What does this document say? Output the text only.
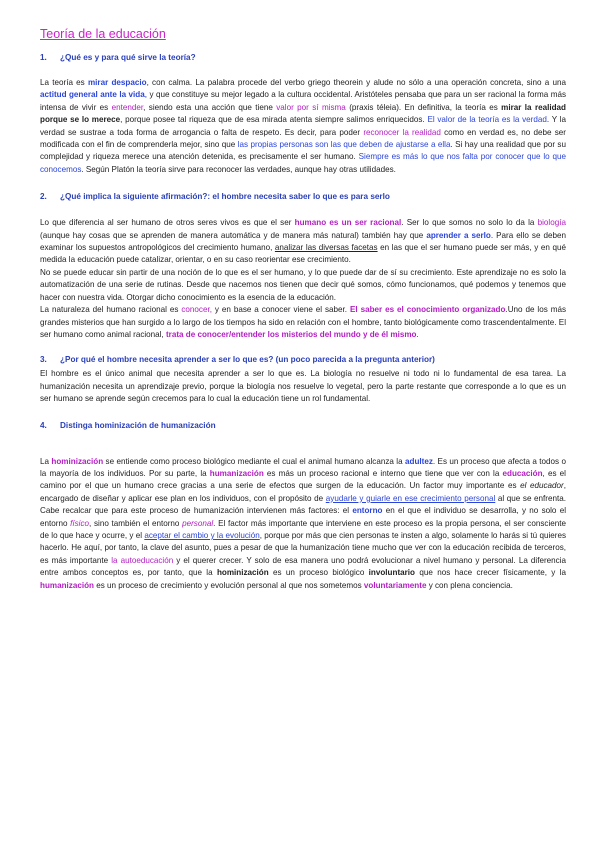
Teoría de la educación
1. ¿Qué es y para qué sirve la teoría?

La teoría es mirar despacio, con calma. La palabra procede del verbo griego theorein y alude no sólo a una operación concreta, sino a una actitud general ante la vida, y que constituye su mejor legado a la cultura occidental. Aristóteles pensaba que para un ser racional la forma más intensa de vivir es entender, siendo esta una acción que tiene valor por sí misma (praxis téleia). En definitiva, la teoría es mirar la realidad porque se lo merece, porque posee tal riqueza que de esa mirada atenta siempre salimos enriquecidos. El valor de la teoría es la verdad. Y la verdad se sustrae a toda forma de arrogancia o falta de respeto. Es decir, para poder reconocer la realidad como en verdad es, no debe ser modificada con el fin de comprenderla mejor, sino que las propias personas son las que deben de ajustarse a ella. Si hay una realidad que por su complejidad y riqueza merece una atención detenida, es precisamente el ser humano. Siempre es más lo que nos falta por conocer que lo que conocemos. Según Platón la teoría sirve para reconocer las verdades, aunque hay otras utilidades.

2. ¿Qué implica la siguiente afirmación?: el hombre necesita saber lo que es para serlo

Lo que diferencia al ser humano de otros seres vivos es que el ser humano es un ser racional. Ser lo que somos no solo lo da la biología (aunque hay cosas que se aprenden de manera automática y de manera más natural) también hay que aprender a serlo. Para ello se deben examinar los supuestos antropológicos del crecimiento humano, analizar las diversas facetas en las que el ser humano puede ser más, y en qué medida la educación puede catalizar, orientar, o en su caso reorientar ese crecimiento.

No se puede educar sin partir de una noción de lo que es el ser humano, y lo que puede dar de sí su crecimiento. Este aprendizaje no es solo la automatización de una serie de rutinas. Desde que nacemos nos tienen que decir qué somos, cómo funcionamos, qué podemos y tenemos que hacer con nuestra vida. Otorgar dicho conocimiento es la esencia de la educación.

La naturaleza del humano racional es conocer, y en base a conocer viene el saber. El saber es el conocimiento organizado.Uno de los más grandes misterios que han surgido a lo largo de los tiempos ha sido en relación con el hombre, tanto biológicamente como trascendentalmente. El ser humano como animal racional, trata de conocer/entender los misterios del mundo y de él mismo.

3. ¿Por qué el hombre necesita aprender a ser lo que es? (un poco parecida a la pregunta anterior)

El hombre es el único animal que necesita aprender a ser lo que es. La biología no resuelve ni todo ni lo fundamental de esa tarea. La humanización necesita un aprendizaje previo, porque la biología nos resuelve lo vegetal, pero la parte restante que corresponde a lo que es un ser humano se aprende según crecemos para lo cual la educación tiene un rol fundamental.

4. Distinga hominización de humanización

La hominización se entiende como proceso biológico mediante el cual el animal humano alcanza la adultez. Es un proceso que afecta a todos o la mayoría de los individuos. Por su parte, la humanización es más un proceso racional e interno que tiene que ver con la educación, es el camino por el que un humano crece gracias a una serie de efectos que surgen de la educación. Un factor muy importante es el educador, encargado de diseñar y aplicar ese plan en los individuos, con el propósito de ayudarle y guiarle en ese crecimiento personal al que se enfrenta. Cabe recalcar que para este proceso de humanización intervienen más factores: el entorno en el que el individuo se desarrolla, y no solo el entorno físico, sino también el entorno personal. El factor más importante que interviene en este proceso es la propia persona, el ser consciente de lo que hace y ocurre, y el aceptar el cambio y la evolución, porque por más que cien personas te insten a algo, solamente lo harás si tú quieres hacerlo. He aquí, por tanto, la clave del asunto, pues a pesar de que la humanización tiene mucho que ver con la educación recibida de terceros, es más importante la autoeducación y el querer crecer. Y solo de esa manera uno podrá evolucionar a nivel humano y personal. La diferencia entre ambos conceptos es, por tanto, que la hominización es un proceso biológico involuntario que nos hace crecer físicamente, y la humanización es un proceso de crecimiento y evolución personal al que nos sometemos voluntariamente y con plena conciencia.
